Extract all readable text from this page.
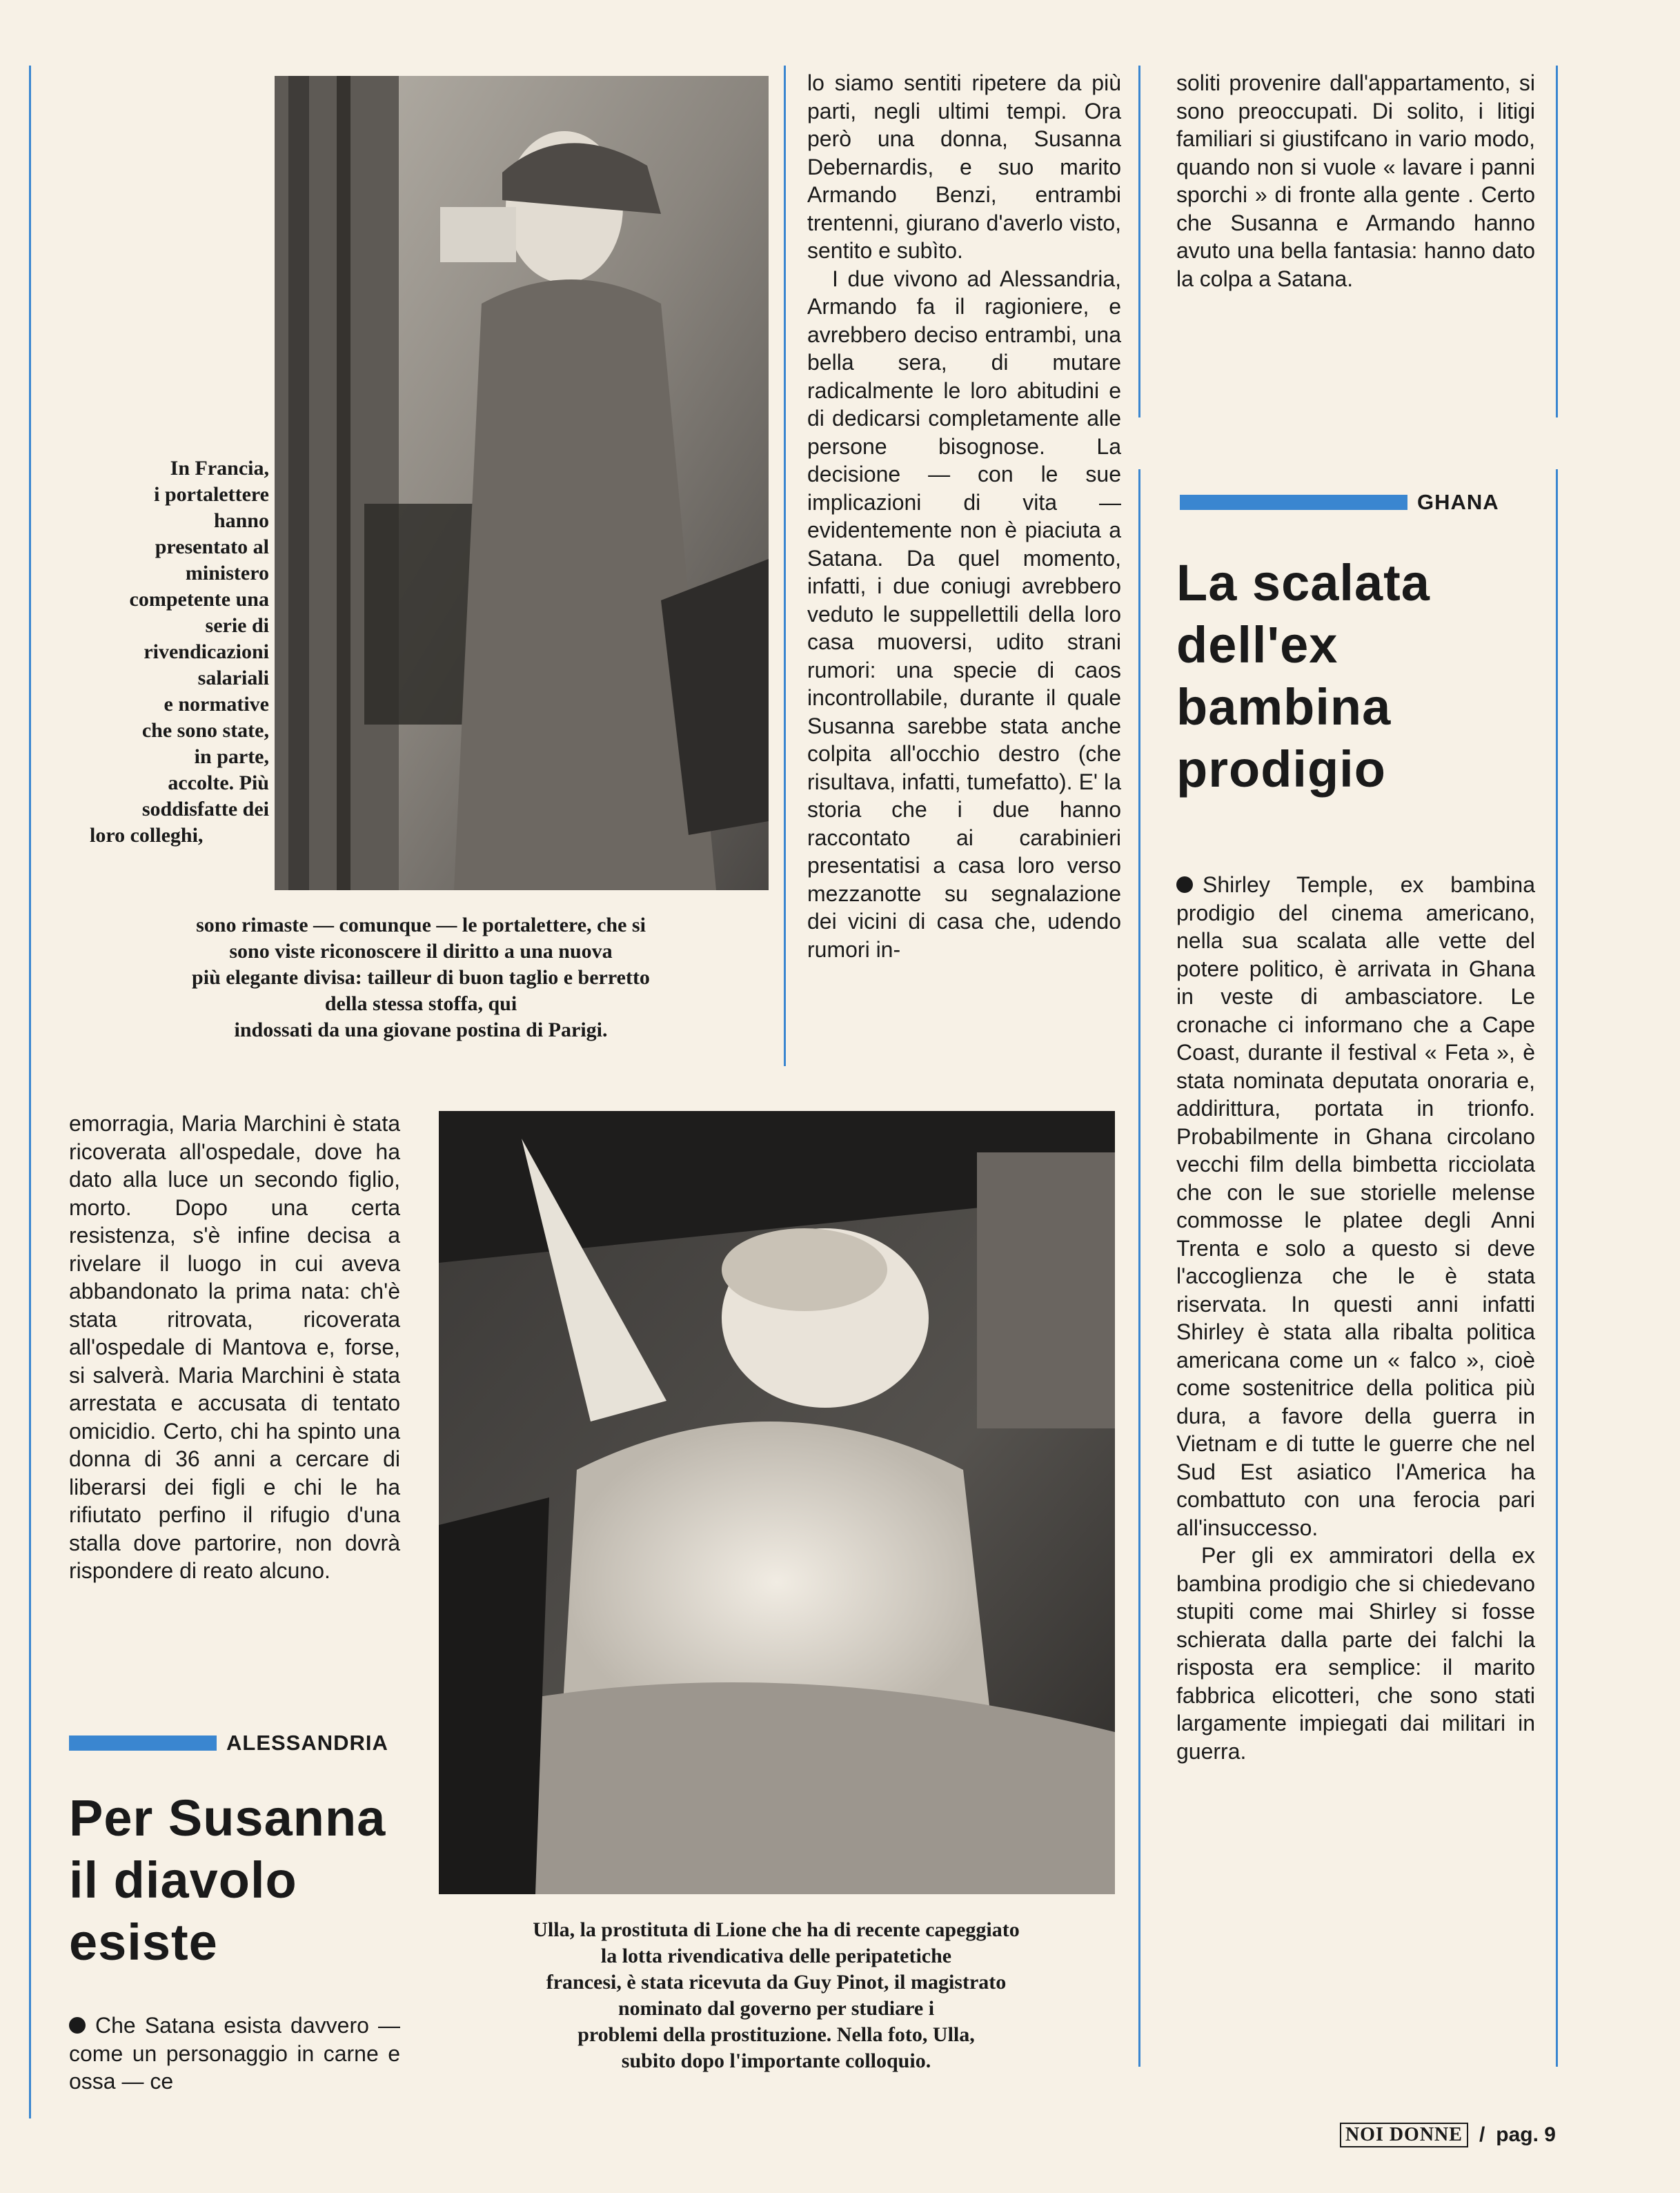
In Francia,
i portalettere
hanno
presentato al
ministero
competente una
serie di
rivendicazioni
salariali
e normative
che sono state,
in parte,
accolte. Più
soddisfatte dei
loro colleghi,
sono rimaste — comunque — le portalettere, che si
sono viste riconoscere il diritto a una nuova
più elegante divisa: tailleur di buon taglio e berretto
della stessa stoffa, qui
indossati da una giovane postina di Parigi.

lo siamo sentiti ripetere da più parti, negli ultimi tempi. Ora però una donna, Susanna Debernardis, e suo marito Armando Benzi, entrambi trentenni, giurano d'averlo visto, sentito e subìto.

I due vivono ad Alessandria, Armando fa il ragioniere, e avrebbero deciso entrambi, una bella sera, di mutare radicalmente le loro abitudini e di dedicarsi completamente alle persone bisognose. La decisione — con le sue implicazioni di vita — evidentemente non è piaciuta a Satana. Da quel momento, infatti, i due coniugi avrebbero veduto le suppellettili della loro casa muoversi, udito strani rumori: una specie di caos incontrollabile, durante il quale Susanna sarebbe stata anche colpita all'occhio destro (che risultava, infatti, tumefatto). E' la storia che i due hanno raccontato ai carabinieri presentatisi a casa loro verso mezzanotte su segnalazione dei vicini di casa che, udendo rumori in-

soliti provenire dall'appartamento, si sono preoccupati. Di solito, i litigi familiari si giustifcano in vario modo, quando non si vuole « lavare i panni sporchi » di fronte alla gente . Certo che Susanna e Armando hanno avuto una bella fantasia: hanno dato la colpa a Satana.

GHANA
La scalata
dell'ex
bambina
prodigio

Shirley Temple, ex bambina prodigio del cinema americano, nella sua scalata alle vette del potere politico, è arrivata in Ghana in veste di ambasciatore. Le cronache ci informano che a Cape Coast, durante il festival « Feta », è stata nominata deputata onoraria e, addirittura, portata in trionfo. Probabilmente in Ghana circolano vecchi film della bimbetta ricciolata che con le sue storielle melense commosse le platee degli Anni Trenta e solo a questo si deve l'accoglienza che le è stata riservata. In questi anni infatti Shirley è stata alla ribalta politica americana come un « falco », cioè come sostenitrice della politica più dura, a favore della guerra in Vietnam e di tutte le guerre che nel Sud Est asiatico l'America ha combattuto con una ferocia pari all'insuccesso.

Per gli ex ammiratori della ex bambina prodigio che si chiedevano stupiti come mai Shirley si fosse schierata dalla parte dei falchi la risposta era semplice: il marito fabbrica elicotteri, che sono stati largamente impiegati dai militari in guerra.

emorragia, Maria Marchini è stata ricoverata all'ospedale, dove ha dato alla luce un secondo figlio, morto. Dopo una certa resistenza, s'è infine decisa a rivelare il luogo in cui aveva abbandonato la prima nata: ch'è stata ritrovata, ricoverata all'ospedale di Mantova e, forse, si salverà. Maria Marchini è stata arrestata e accusata di tentato omicidio. Certo, chi ha spinto una donna di 36 anni a cercare di liberarsi dei figli e chi le ha rifiutato perfino il rifugio d'una stalla dove partorire, non dovrà rispondere di reato alcuno.

ALESSANDRIA
Per Susanna
il diavolo
esiste

Che Satana esista davvero — come un personaggio in carne e ossa — ce

Ulla, la prostituta di Lione che ha di recente capeggiato
la lotta rivendicativa delle peripatetiche
francesi, è stata ricevuta da Guy Pinot, il magistrato
nominato dal governo per studiare i
problemi della prostituzione. Nella foto, Ulla,
subito dopo l'importante colloquio.
NOI DONNE / pag. 9
